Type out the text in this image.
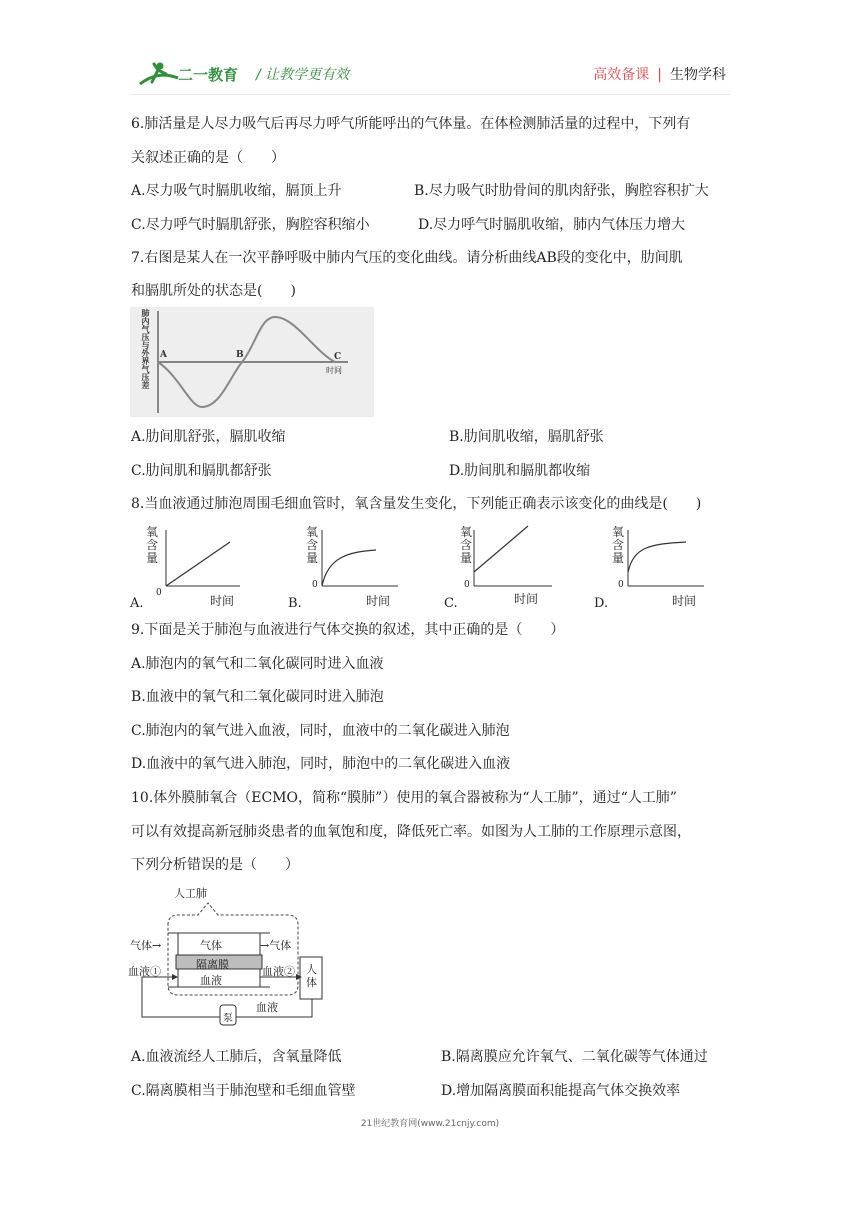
二一教育 / 让教学更有效	高效备课 | 生物学科
6.肺活量是人尽力吸气后再尽力呼气所能呼出的气体量。在体检测肺活量的过程中，下列有
关叙述正确的是（　　）
A.尽力吸气时膈肌收缩，膈顶上升	B.尽力吸气时肋骨间的肌肉舒张，胸腔容积扩大
C.尽力呼气时膈肌舒张，胸腔容积缩小	D.尽力呼气时膈肌收缩，肺内气体压力增大
7.右图是某人在一次平静呼吸中肺内气压的变化曲线。请分析曲线AB段的变化中，肋间肌
和膈肌所处的状态是(　　)
A	B	C
时间
肺内气压与外界气压差
A.肋间肌舒张，膈肌收缩	B.肋间肌收缩，膈肌舒张
C.肋间肌和膈肌都舒张	D.肋间肌和膈肌都收缩
8.当血液通过肺泡周围毛细血管时，氧含量发生变化，下列能正确表示该变化的曲线是(　　)
氧含量
0
时间
A.
氧含量
0
时间
B.
氧含量
0
时间
C.
氧含量
0
时间
D.
9.下面是关于肺泡与血液进行气体交换的叙述，其中正确的是（　　）
A.肺泡内的氧气和二氧化碳同时进入血液
B.血液中的氧气和二氧化碳同时进入肺泡
C.肺泡内的氧气进入血液，同时，血液中的二氧化碳进入肺泡
D.血液中的氧气进入肺泡，同时，肺泡中的二氧化碳进入血液
10.体外膜肺氧合（ECMO，简称“膜肺”）使用的氧合器被称为“人工肺”，通过“人工肺”
可以有效提高新冠肺炎患者的血氧饱和度，降低死亡率。如图为人工肺的工作原理示意图，
下列分析错误的是（　　）
人工肺
气体→	气体	→气体
隔离膜
血液
血液①	血液② 人体
血液
泵
A.血液流经人工肺后，含氧量降低	B.隔离膜应允许氧气、二氧化碳等气体通过
C.隔离膜相当于肺泡壁和毛细血管壁	D.增加隔离膜面积能提高气体交换效率
21世纪教育网(www.21cnjy.com)
